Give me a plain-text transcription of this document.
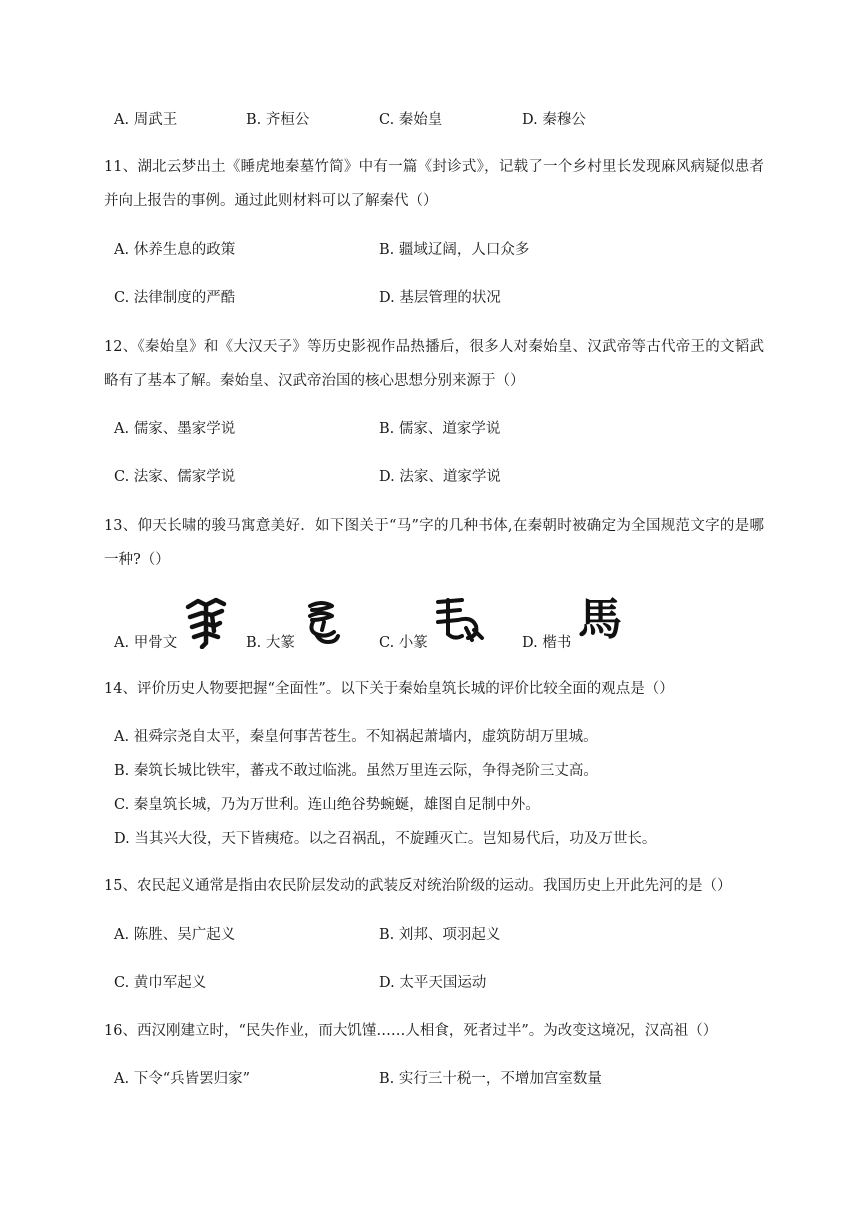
A. 周武王	B. 齐桓公	C. 秦始皇	D. 秦穆公
11、湖北云梦出土《睡虎地秦墓竹简》中有一篇《封诊式》，记载了一个乡村里长发现麻风病疑似患者并向上报告的事例。通过此则材料可以了解秦代（）
A. 休养生息的政策	B. 疆域辽阔，人口众多
C. 法律制度的严酷	D. 基层管理的状况
12、《秦始皇》和《大汉天子》等历史影视作品热播后，很多人对秦始皇、汉武帝等古代帝王的文韬武略有了基本了解。秦始皇、汉武帝治国的核心思想分别来源于（）
A. 儒家、墨家学说	B. 儒家、道家学说
C. 法家、儒家学说	D. 法家、道家学说
13、仰天长啸的骏马寓意美好．如下图关于“马”字的几种书体,在秦朝时被确定为全国规范文字的是哪一种?（）
A. 甲骨文	B. 大篆	C. 小篆	D. 楷书 馬
14、评价历史人物要把握“全面性”。以下关于秦始皇筑长城的评价比较全面的观点是（）
A. 祖舜宗尧自太平，秦皇何事苦苍生。不知祸起萧墙内，虚筑防胡万里城。
B. 秦筑长城比铁牢，蕃戎不敢过临洮。虽然万里连云际，争得尧阶三丈高。
C. 秦皇筑长城，乃为万世利。连山绝谷势蜿蜒，雄图自足制中外。
D. 当其兴大役，天下皆痍疮。以之召祸乱，不旋踵灭亡。岂知易代后，功及万世长。
15、农民起义通常是指由农民阶层发动的武装反对统治阶级的运动。我国历史上开此先河的是（）
A. 陈胜、吴广起义	B. 刘邦、项羽起义
C. 黄巾军起义	D. 太平天国运动
16、西汉刚建立时，“民失作业，而大饥馑……人相食，死者过半”。为改变这境况，汉高祖（）
A. 下令“兵皆罢归家”	B. 实行三十税一，不增加宫室数量
